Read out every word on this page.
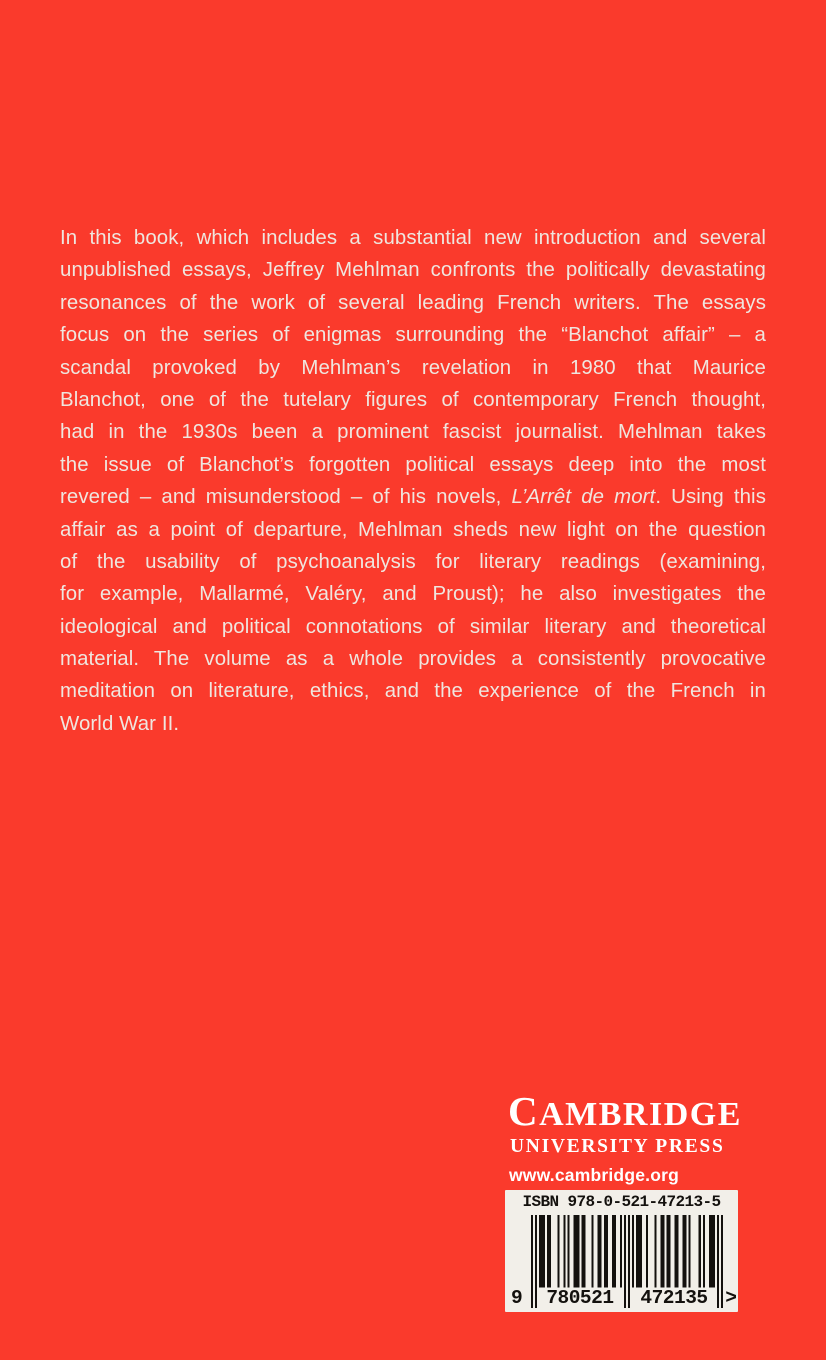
In this book, which includes a substantial new introduction and several
unpublished essays, Jeffrey Mehlman confronts the politically devastating
resonances of the work of several leading French writers. The essays
focus on the series of enigmas surrounding the “Blanchot affair” – a
scandal provoked by Mehlman’s revelation in 1980 that Maurice
Blanchot, one of the tutelary figures of contemporary French thought,
had in the 1930s been a prominent fascist journalist. Mehlman takes
the issue of Blanchot’s forgotten political essays deep into the most
revered – and misunderstood – of his novels, L’Arrêt de mort. Using this
affair as a point of departure, Mehlman sheds new light on the question
of the usability of psychoanalysis for literary readings (examining,
for example, Mallarmé, Valéry, and Proust); he also investigates the
ideological and political connotations of similar literary and theoretical
material. The volume as a whole provides a consistently provocative
meditation on literature, ethics, and the experience of the French in
World War II.
CAMBRIDGE
UNIVERSITY PRESS
www.cambridge.org
ISBN 978-0-521-47213-5
9	780521	472135 >
